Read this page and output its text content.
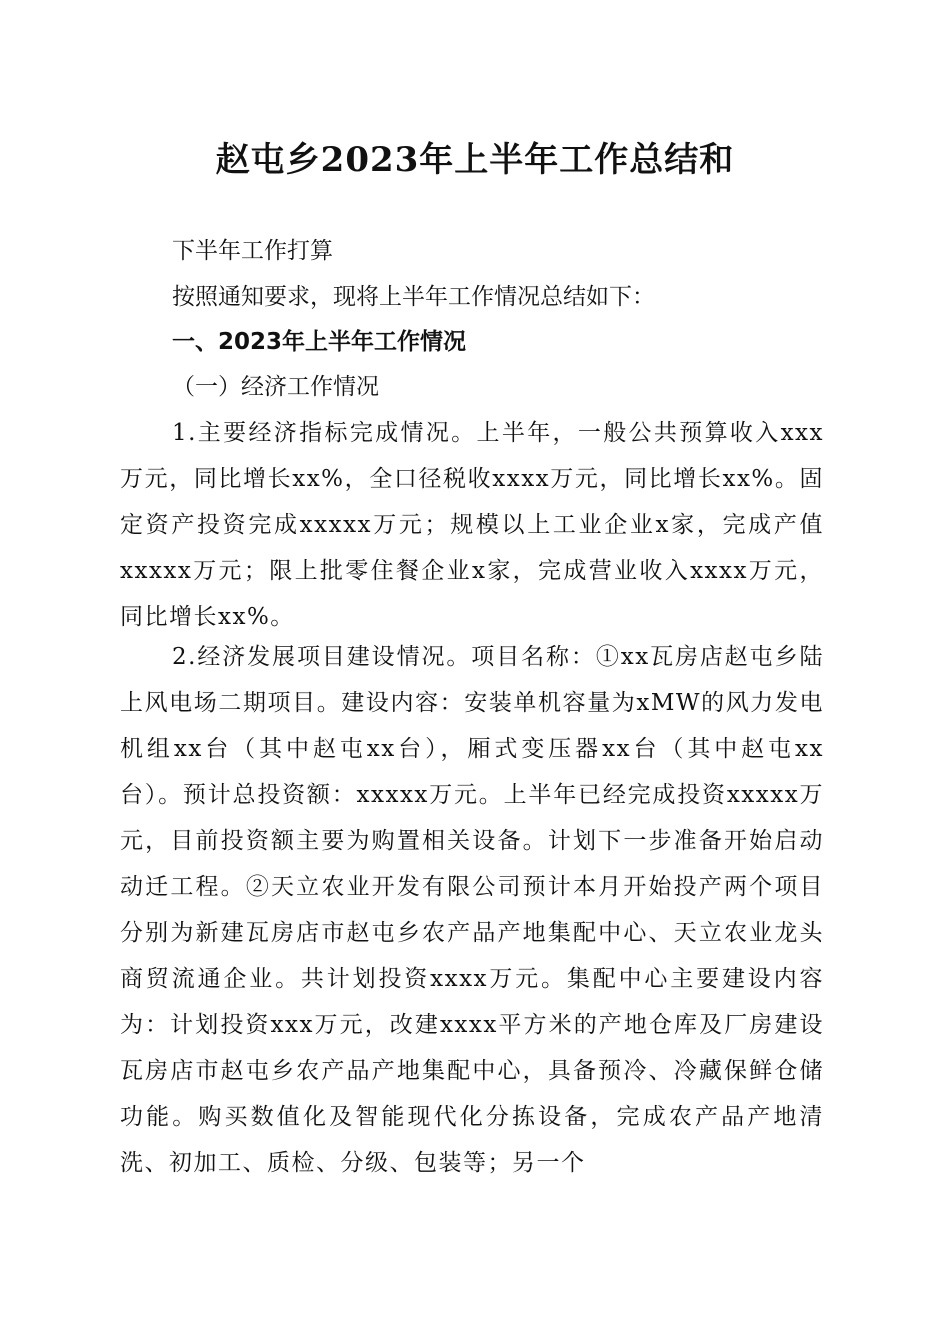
赵屯乡2023年上半年工作总结和
下半年工作打算
按照通知要求，现将上半年工作情况总结如下：
一、2023年上半年工作情况
（一）经济工作情况
1.主要经济指标完成情况。上半年，一般公共预算收入xxx万元，同比增长xx%，全口径税收xxxx万元，同比增长xx%。固定资产投资完成xxxxx万元；规模以上工业企业x家，完成产值xxxxx万元；限上批零住餐企业x家，完成营业收入xxxx万元，同比增长xx%。
2.经济发展项目建设情况。项目名称：①xx瓦房店赵屯乡陆上风电场二期项目。建设内容：安装单机容量为xMW的风力发电机组xx台（其中赵屯xx台），厢式变压器xx台（其中赵屯xx台）。预计总投资额：xxxxx万元。上半年已经完成投资xxxxx万元，目前投资额主要为购置相关设备。计划下一步准备开始启动动迁工程。②天立农业开发有限公司预计本月开始投产两个项目分别为新建瓦房店市赵屯乡农产品产地集配中心、天立农业龙头商贸流通企业。共计划投资xxxx万元。集配中心主要建设内容为：计划投资xxx万元，改建xxxx平方米的产地仓库及厂房建设瓦房店市赵屯乡农产品产地集配中心，具备预冷、冷藏保鲜仓储功能。购买数值化及智能现代化分拣设备，完成农产品产地清洗、初加工、质检、分级、包装等；另一个
